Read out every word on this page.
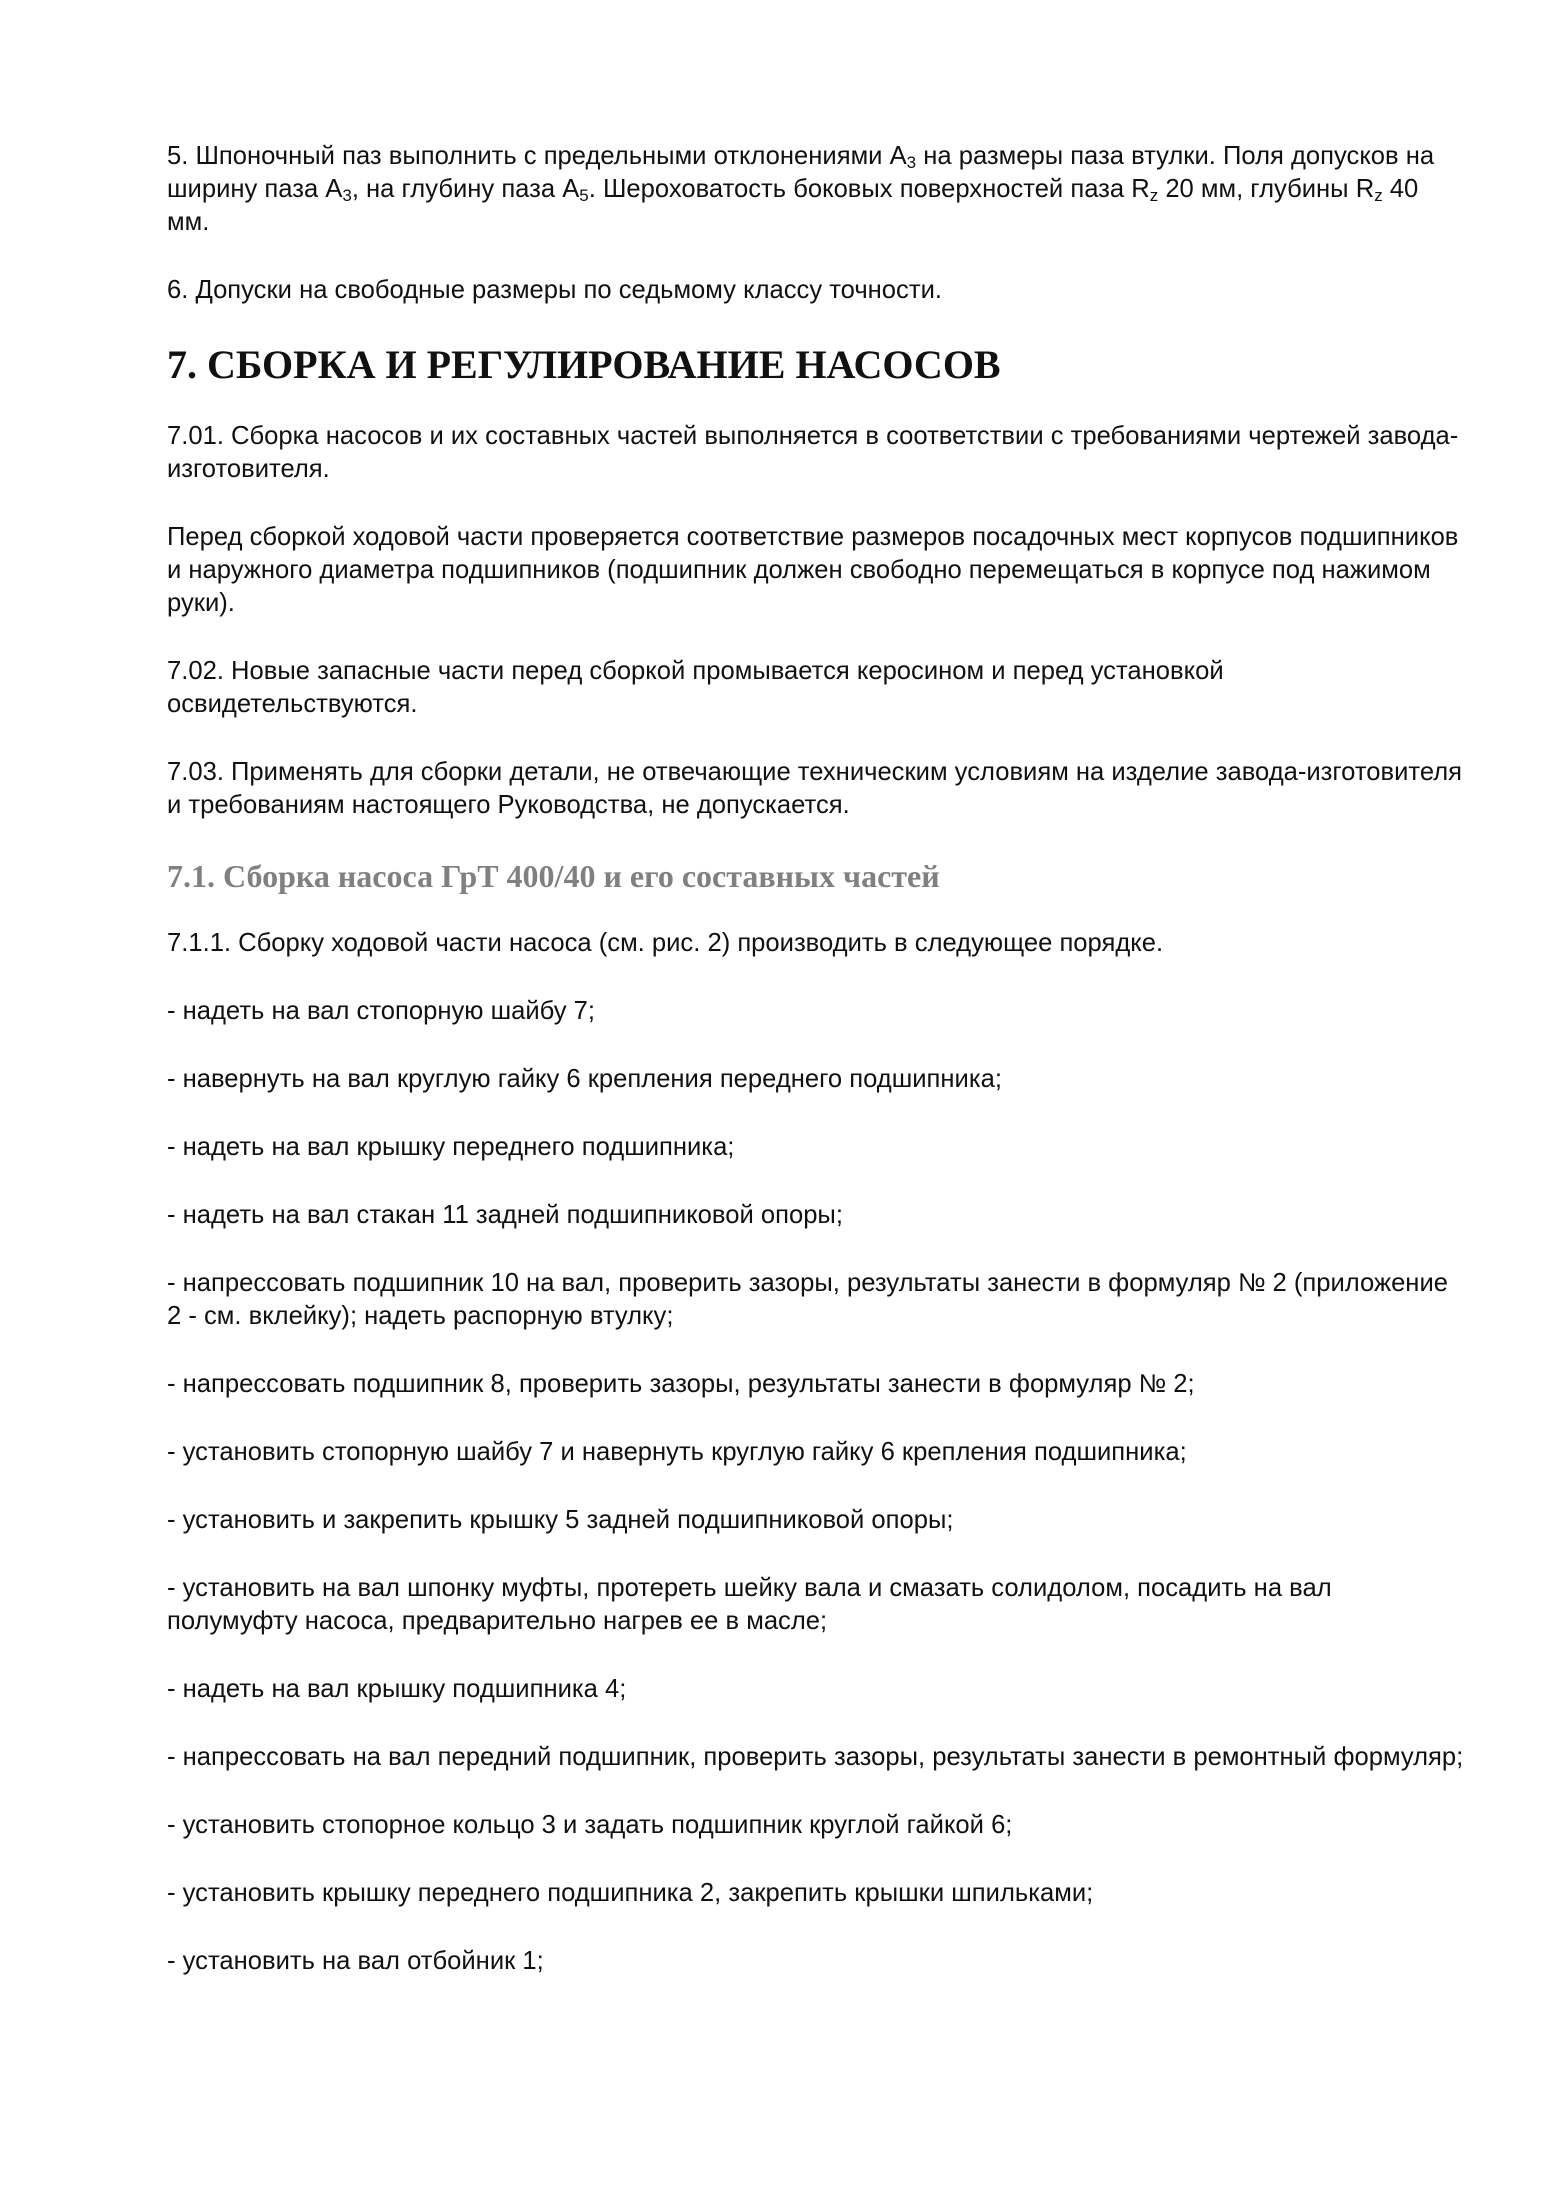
5. Шпоночный паз выполнить с предельными отклонениями $А_3$ на размеры паза втулки. Поля допусков на ширину паза $А_3$, на глубину паза $А_5$. Шероховатость боковых поверхностей паза $R_z$ 20 мм, глубины $R_z$ 40 мм.

6. Допуски на свободные размеры по седьмому классу точности.

7. СБОРКА И РЕГУЛИРОВАНИЕ НАСОСОВ

7.01. Сборка насосов и их составных частей выполняется в соответствии с требованиями чертежей завода-изготовителя.

Перед сборкой ходовой части проверяется соответствие размеров посадочных мест корпусов подшипников и наружного диаметра подшипников (подшипник должен свободно перемещаться в корпусе под нажимом руки).

7.02. Новые запасные части перед сборкой промывается керосином и перед установкой освидетельствуются.

7.03. Применять для сборки детали, не отвечающие техническим условиям на изделие завода-изготовителя и требованиям настоящего Руководства, не допускается.

7.1. Сборка насоса ГрТ 400/40 и его составных частей

7.1.1. Сборку ходовой части насоса (см. рис. 2) производить в следующее порядке.

- надеть на вал стопорную шайбу 7;

- навернуть на вал круглую гайку 6 крепления переднего подшипника;

- надеть на вал крышку переднего подшипника;

- надеть на вал стакан 11 задней подшипниковой опоры;

- напрессовать подшипник 10 на вал, проверить зазоры, результаты занести в формуляр № 2 (приложение 2 - см. вклейку); надеть распорную втулку;

- напрессовать подшипник 8, проверить зазоры, результаты занести в формуляр № 2;

- установить стопорную шайбу 7 и навернуть круглую гайку 6 крепления подшипника;

- установить и закрепить крышку 5 задней подшипниковой опоры;

- установить на вал шпонку муфты, протереть шейку вала и смазать солидолом, посадить на вал полумуфту насоса, предварительно нагрев ее в масле;

- надеть на вал крышку подшипника 4;

- напрессовать на вал передний подшипник, проверить зазоры, результаты занести в ремонтный формуляр;

- установить стопорное кольцо 3 и задать подшипник круглой гайкой 6;

- установить крышку переднего подшипника 2, закрепить крышки шпильками;

- установить на вал отбойник 1;
